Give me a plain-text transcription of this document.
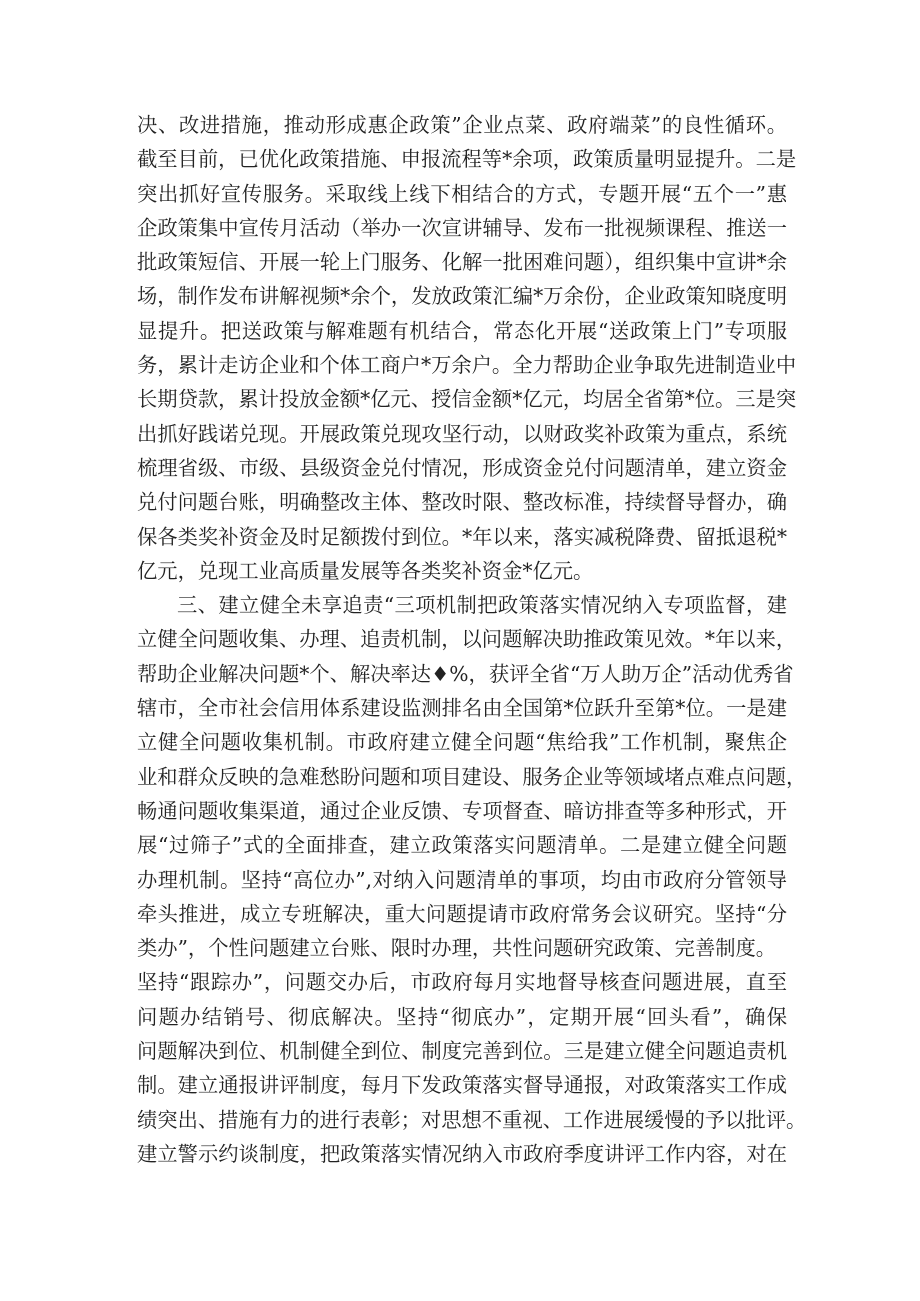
决、改进措施，推动形成惠企政策”企业点菜、政府端菜”的良性循环。
截至目前，已优化政策措施、申报流程等*余项，政策质量明显提升。二是
突出抓好宣传服务。采取线上线下相结合的方式，专题开展“五个一”惠
企政策集中宣传月活动（举办一次宣讲辅导、发布一批视频课程、推送一
批政策短信、开展一轮上门服务、化解一批困难问题），组织集中宣讲*余
场，制作发布讲解视频*余个，发放政策汇编*万余份，企业政策知晓度明
显提升。把送政策与解难题有机结合，常态化开展“送政策上门”专项服
务，累计走访企业和个体工商户*万余户。全力帮助企业争取先进制造业中
长期贷款，累计投放金额*亿元、授信金额*亿元，均居全省第*位。三是突
出抓好践诺兑现。开展政策兑现攻坚行动，以财政奖补政策为重点，系统
梳理省级、市级、县级资金兑付情况，形成资金兑付问题清单，建立资金
兑付问题台账，明确整改主体、整改时限、整改标准，持续督导督办，确
保各类奖补资金及时足额拨付到位。*年以来，落实减税降费、留抵退税*
亿元，兑现工业高质量发展等各类奖补资金*亿元。
三、建立健全未享追责“三项机制把政策落实情况纳入专项监督，建
立健全问题收集、办理、追责机制，以问题解决助推政策见效。*年以来，
帮助企业解决问题*个、解决率达♦%，获评全省“万人助万企”活动优秀省
辖市，全市社会信用体系建设监测排名由全国第*位跃升至第*位。一是建
立健全问题收集机制。市政府建立健全问题“焦给我”工作机制，聚焦企
业和群众反映的急难愁盼问题和项目建设、服务企业等领域堵点难点问题，
畅通问题收集渠道，通过企业反馈、专项督查、暗访排查等多种形式，开
展“过筛子”式的全面排查，建立政策落实问题清单。二是建立健全问题
办理机制。坚持“高位办”,对纳入问题清单的事项，均由市政府分管领导
牵头推进，成立专班解决，重大问题提请市政府常务会议研究。坚持“分
类办”，个性问题建立台账、限时办理，共性问题研究政策、完善制度。
坚持“跟踪办”，问题交办后，市政府每月实地督导核查问题进展，直至
问题办结销号、彻底解决。坚持“彻底办”，定期开展“回头看”，确保
问题解决到位、机制健全到位、制度完善到位。三是建立健全问题追责机
制。建立通报讲评制度，每月下发政策落实督导通报，对政策落实工作成
绩突出、措施有力的进行表彰；对思想不重视、工作进展缓慢的予以批评。
建立警示约谈制度，把政策落实情况纳入市政府季度讲评工作内容，对在
